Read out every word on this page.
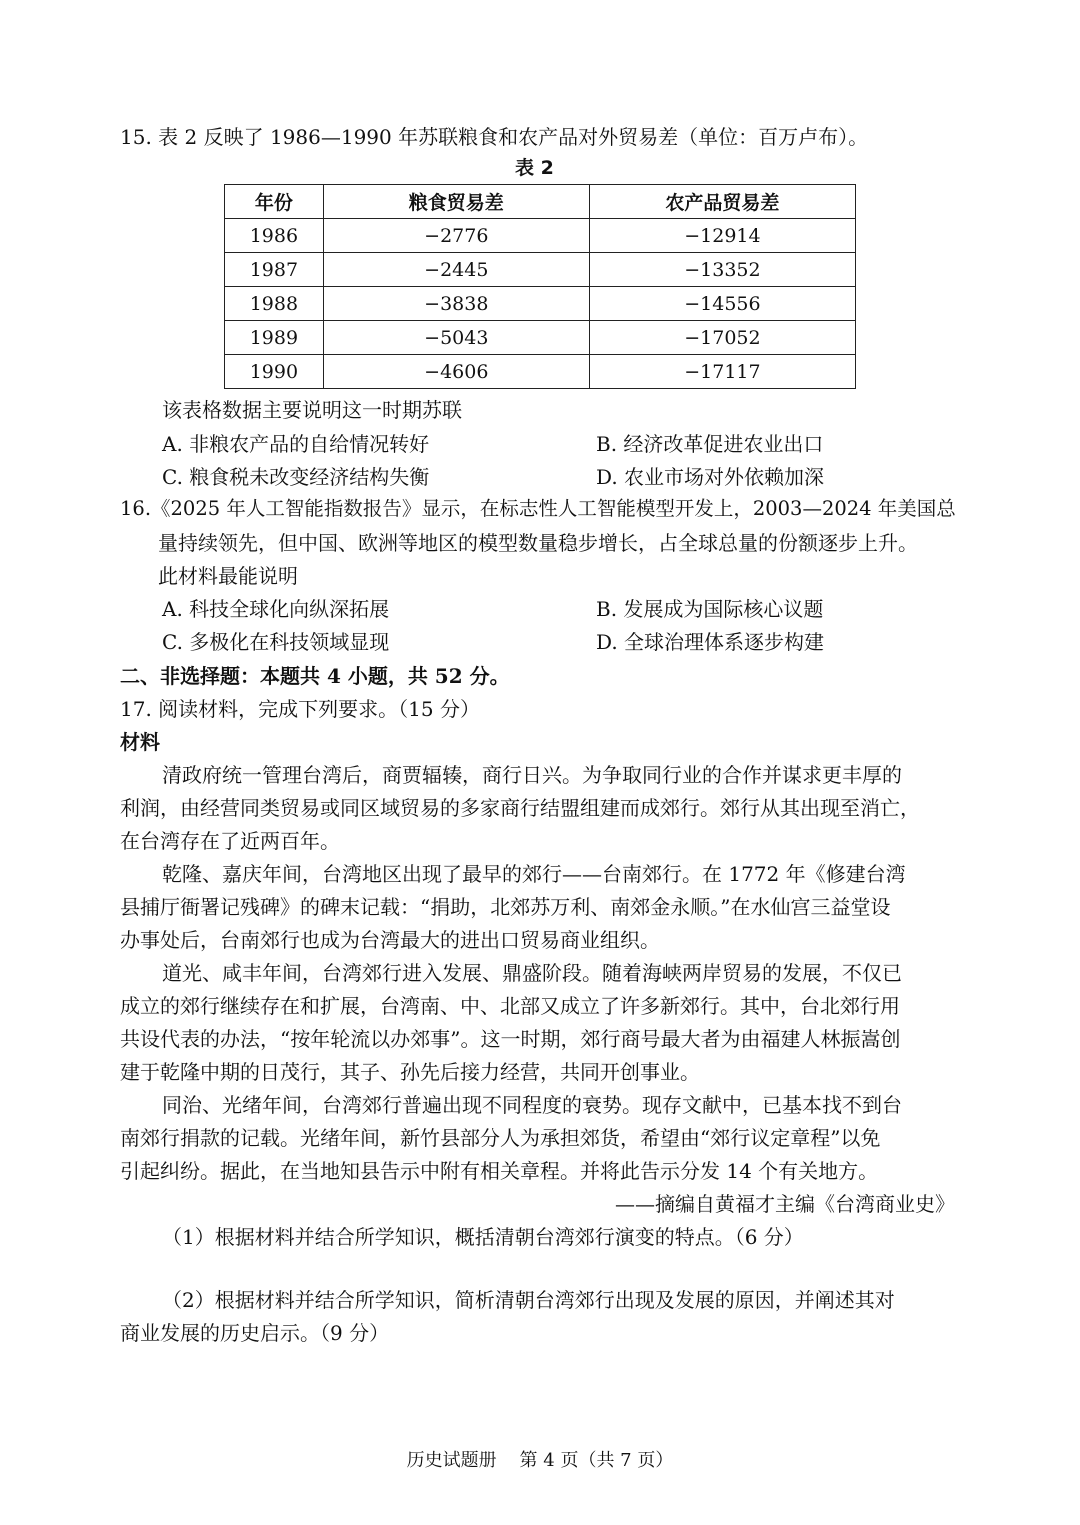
15. 表 2 反映了 1986—1990 年苏联粮食和农产品对外贸易差（单位：百万卢布）。
表 2
年份	粮食贸易差	农产品贸易差
1986	−2776	−12914
1987	−2445	−13352
1988	−3838	−14556
1989	−5043	−17052
1990	−4606	−17117
该表格数据主要说明这一时期苏联
A. 非粮农产品的自给情况转好	B. 经济改革促进农业出口
C. 粮食税未改变经济结构失衡	D. 农业市场对外依赖加深
16.《2025 年人工智能指数报告》显示，在标志性人工智能模型开发上，2003—2024 年美国总
量持续领先，但中国、欧洲等地区的模型数量稳步增长，占全球总量的份额逐步上升。
此材料最能说明
A. 科技全球化向纵深拓展	B. 发展成为国际核心议题
C. 多极化在科技领域显现	D. 全球治理体系逐步构建
二、非选择题：本题共 4 小题，共 52 分。
17. 阅读材料，完成下列要求。（15 分）
材料
清政府统一管理台湾后，商贾辐辏，商行日兴。为争取同行业的合作并谋求更丰厚的
利润，由经营同类贸易或同区域贸易的多家商行结盟组建而成郊行。郊行从其出现至消亡，
在台湾存在了近两百年。
乾隆、嘉庆年间，台湾地区出现了最早的郊行——台南郊行。在 1772 年《修建台湾
县捕厅衙署记残碑》的碑末记载：“捐助，北郊苏万利、南郊金永顺。”在水仙宫三益堂设
办事处后，台南郊行也成为台湾最大的进出口贸易商业组织。
道光、咸丰年间，台湾郊行进入发展、鼎盛阶段。随着海峡两岸贸易的发展，不仅已
成立的郊行继续存在和扩展，台湾南、中、北部又成立了许多新郊行。其中，台北郊行用
共设代表的办法，“按年轮流以办郊事”。这一时期，郊行商号最大者为由福建人林振嵩创
建于乾隆中期的日茂行，其子、孙先后接力经营，共同开创事业。
同治、光绪年间，台湾郊行普遍出现不同程度的衰势。现存文献中，已基本找不到台
南郊行捐款的记载。光绪年间，新竹县部分人为承担郊货，希望由“郊行议定章程”以免
引起纠纷。据此，在当地知县告示中附有相关章程。并将此告示分发 14 个有关地方。
——摘编自黄福才主编《台湾商业史》
（1）根据材料并结合所学知识，概括清朝台湾郊行演变的特点。（6 分）
（2）根据材料并结合所学知识，简析清朝台湾郊行出现及发展的原因，并阐述其对
商业发展的历史启示。（9 分）
历史试题册    第 4 页（共 7 页）
